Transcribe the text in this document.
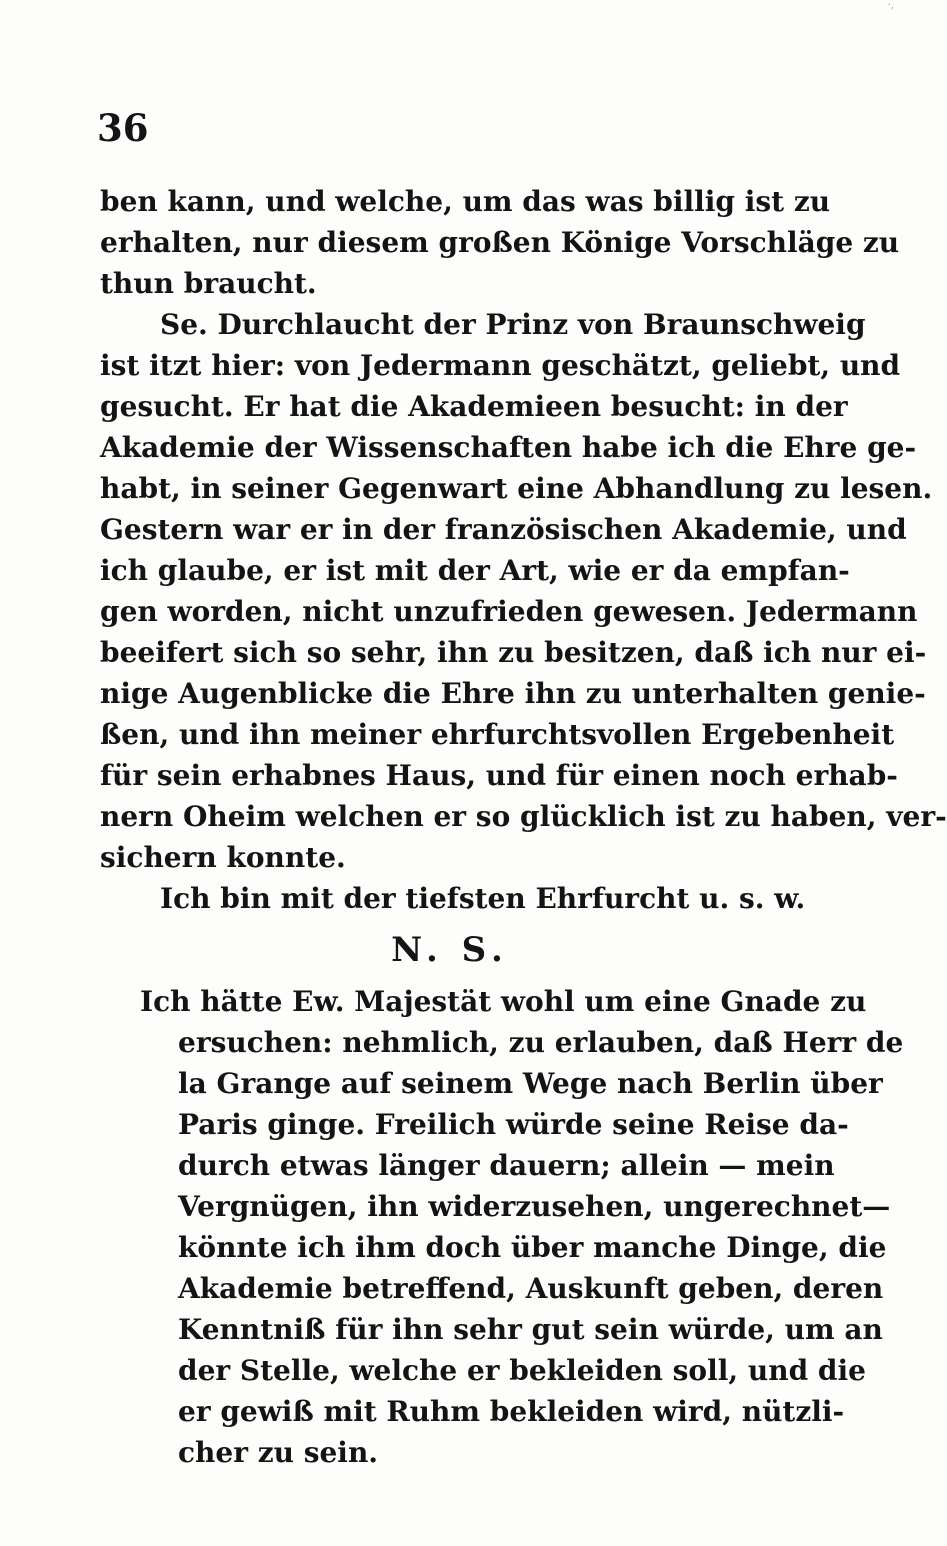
·‚
36
ben kann, und welche, um das was billig ist zu
erhalten, nur diesem großen Könige Vorschläge zu
thun braucht.
Se. Durchlaucht der Prinz von Braunschweig
ist itzt hier: von Jedermann geschätzt, geliebt, und
gesucht. Er hat die Akademieen besucht: in der
Akademie der Wissenschaften habe ich die Ehre ge-
habt, in seiner Gegenwart eine Abhandlung zu lesen.
Gestern war er in der französischen Akademie, und
ich glaube, er ist mit der Art, wie er da empfan-
gen worden, nicht unzufrieden gewesen. Jedermann
beeifert sich so sehr, ihn zu besitzen, daß ich nur ei-
nige Augenblicke die Ehre ihn zu unterhalten genie-
ßen, und ihn meiner ehrfurchtsvollen Ergebenheit
für sein erhabnes Haus, und für einen noch erhab-
nern Oheim welchen er so glücklich ist zu haben, ver-
sichern konnte.
Ich bin mit der tiefsten Ehrfurcht u. s. w.
N. S.
Ich hätte Ew. Majestät wohl um eine Gnade zu
ersuchen: nehmlich, zu erlauben, daß Herr de
la Grange auf seinem Wege nach Berlin über
Paris ginge. Freilich würde seine Reise da-
durch etwas länger dauern; allein — mein
Vergnügen, ihn widerzusehen, ungerechnet—
könnte ich ihm doch über manche Dinge, die
Akademie betreffend, Auskunft geben, deren
Kenntniß für ihn sehr gut sein würde, um an
der Stelle, welche er bekleiden soll, und die
er gewiß mit Ruhm bekleiden wird, nützli-
cher zu sein.
